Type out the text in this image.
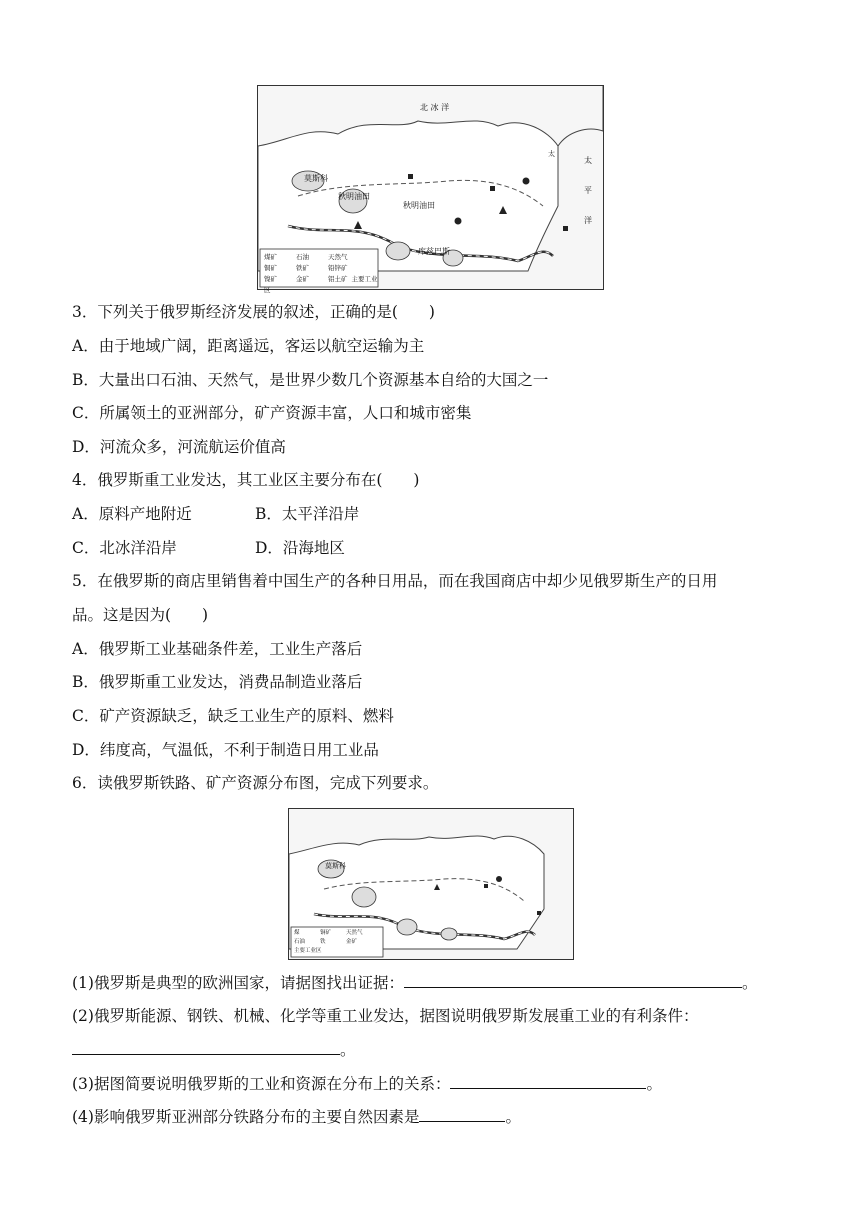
太
北 冰 洋
太 平 洋
莫斯科
秋明油田
秋明油田
库兹巴斯
煤矿	石油	天然气
铜矿	铁矿	铅锌矿
镍矿	金矿	铝土矿 主要工业区
3．下列关于俄罗斯经济发展的叙述，正确的是(　　)
A．由于地域广阔，距离遥远，客运以航空运输为主
B．大量出口石油、天然气，是世界少数几个资源基本自给的大国之一
C．所属领土的亚洲部分，矿产资源丰富，人口和城市密集
D．河流众多，河流航运价值高
4．俄罗斯重工业发达，其工业区主要分布在(　　)
A．原料产地附近	B．太平洋沿岸
C．北冰洋沿岸	D．沿海地区
5．在俄罗斯的商店里销售着中国生产的各种日用品，而在我国商店中却少见俄罗斯生产的日用
品。这是因为(　　)
A．俄罗斯工业基础条件差，工业生产落后
B．俄罗斯重工业发达，消费品制造业落后
C．矿产资源缺乏，缺乏工业生产的原料、燃料
D．纬度高，气温低，不利于制造日用工业品
6．读俄罗斯铁路、矿产资源分布图，完成下列要求。
莫斯科
煤	铜矿	天然气
石油	铁	金矿
主要工业区
(1)俄罗斯是典型的欧洲国家，请据图找出证据：	。
(2)俄罗斯能源、钢铁、机械、化学等重工业发达，据图说明俄罗斯发展重工业的有利条件：
。
(3)据图简要说明俄罗斯的工业和资源在分布上的关系：	。
(4)影响俄罗斯亚洲部分铁路分布的主要自然因素是	。
